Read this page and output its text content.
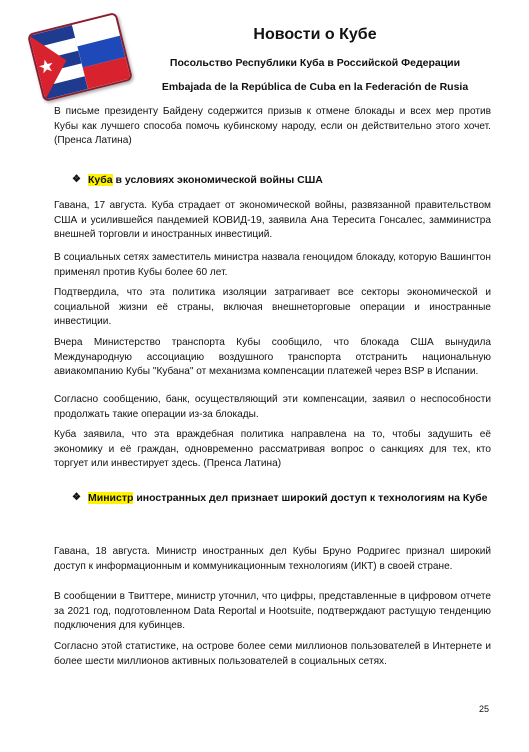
Новости о Кубе

Посольство Республики Куба в Российской Федерации

Embajada de la República de Cuba en la Federación de Rusia

В письме президенту Байдену содержится призыв к отмене блокады и всех мер против Кубы как лучшего способа помочь кубинскому народу, если он действительно этого хочет. (Пренса Латина)

❖ Куба в условиях экономической войны США

Гавана, 17 августа. Куба страдает от экономической войны, развязанной правительством США и усилившейся пандемией КОВИД-19, заявила Ана Тересита Гонсалес, замминистра внешней торговли и иностранных инвестиций.

В социальных сетях заместитель министра назвала геноцидом блокаду, которую Вашингтон применял против Кубы более 60 лет.

Подтвердила, что эта политика изоляции затрагивает все секторы экономической и социальной жизни её страны, включая внешнеторговые операции и иностранные инвестиции.

Вчера Министерство транспорта Кубы сообщило, что блокада США вынудила Международную ассоциацию воздушного транспорта отстранить национальную авиакомпанию Кубы "Кубана" от механизма компенсации платежей через BSP в Испании.

Согласно сообщению, банк, осуществляющий эти компенсации, заявил о неспособности продолжать такие операции из-за блокады.

Куба заявила, что эта враждебная политика направлена на то, чтобы задушить её экономику и её граждан, одновременно рассматривая вопрос о санкциях для тех, кто торгует или инвестирует здесь. (Пренса Латина)

❖ Министр иностранных дел признает широкий доступ к технологиям на Кубе

Гавана, 18 августа. Министр иностранных дел Кубы Бруно Родригес признал широкий доступ к информационным и коммуникационным технологиям (ИКТ) в своей стране.

В сообщении в Твиттере, министр уточнил, что цифры, представленные в цифровом отчете за 2021 год, подготовленном Data Reportal и Hootsuite, подтверждают растущую тенденцию подключения для кубинцев.

Согласно этой статистике, на острове более семи миллионов пользователей в Интернете и более шести миллионов активных пользователей в социальных сетях.

25
